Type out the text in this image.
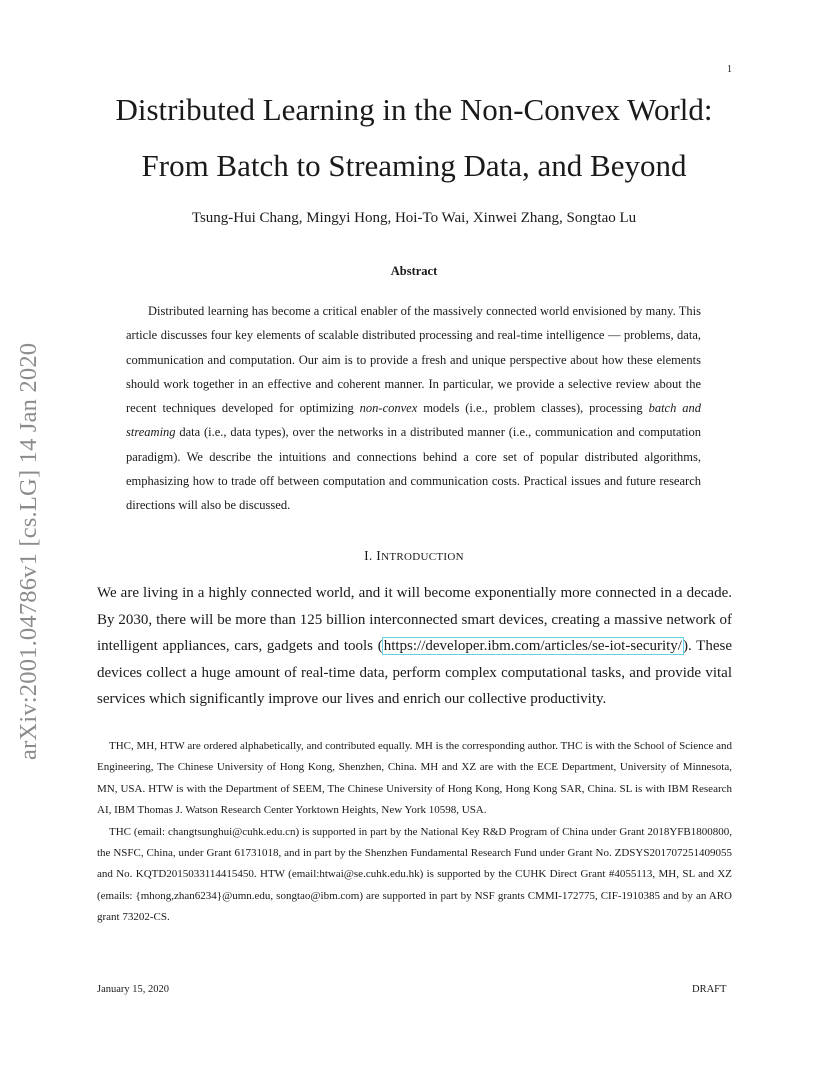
1
arXiv:2001.04786v1 [cs.LG] 14 Jan 2020
Distributed Learning in the Non-Convex World:
From Batch to Streaming Data, and Beyond
Tsung-Hui Chang, Mingyi Hong, Hoi-To Wai, Xinwei Zhang, Songtao Lu
Abstract

Distributed learning has become a critical enabler of the massively connected world envisioned by many. This article discusses four key elements of scalable distributed processing and real-time intelligence — problems, data, communication and computation. Our aim is to provide a fresh and unique perspective about how these elements should work together in an effective and coherent manner. In particular, we provide a selective review about the recent techniques developed for optimizing non-convex models (i.e., problem classes), processing batch and streaming data (i.e., data types), over the networks in a distributed manner (i.e., communication and computation paradigm). We describe the intuitions and connections behind a core set of popular distributed algorithms, emphasizing how to trade off between computation and communication costs. Practical issues and future research directions will also be discussed.

I. INTRODUCTION

We are living in a highly connected world, and it will become exponentially more connected in a decade. By 2030, there will be more than 125 billion interconnected smart devices, creating a massive network of intelligent appliances, cars, gadgets and tools (https://developer.ibm.com/articles/se-iot-security/). These devices collect a huge amount of real-time data, perform complex computational tasks, and provide vital services which significantly improve our lives and enrich our collective productivity.

THC, MH, HTW are ordered alphabetically, and contributed equally. MH is the corresponding author. THC is with the School of Science and Engineering, The Chinese University of Hong Kong, Shenzhen, China. MH and XZ are with the ECE Department, University of Minnesota, MN, USA. HTW is with the Department of SEEM, The Chinese University of Hong Kong, Hong Kong SAR, China. SL is with IBM Research AI, IBM Thomas J. Watson Research Center Yorktown Heights, New York 10598, USA.

THC (email: changtsunghui@cuhk.edu.cn) is supported in part by the National Key R&D Program of China under Grant 2018YFB1800800, the NSFC, China, under Grant 61731018, and in part by the Shenzhen Fundamental Research Fund under Grant No. ZDSYS201707251409055 and No. KQTD2015033114415450. HTW (email:htwai@se.cuhk.edu.hk) is supported by the CUHK Direct Grant #4055113, MH, SL and XZ (emails: {mhong,zhan6234}@umn.edu, songtao@ibm.com) are supported in part by NSF grants CMMI-172775, CIF-1910385 and by an ARO grant 73202-CS.

January 15, 2020	DRAFT
